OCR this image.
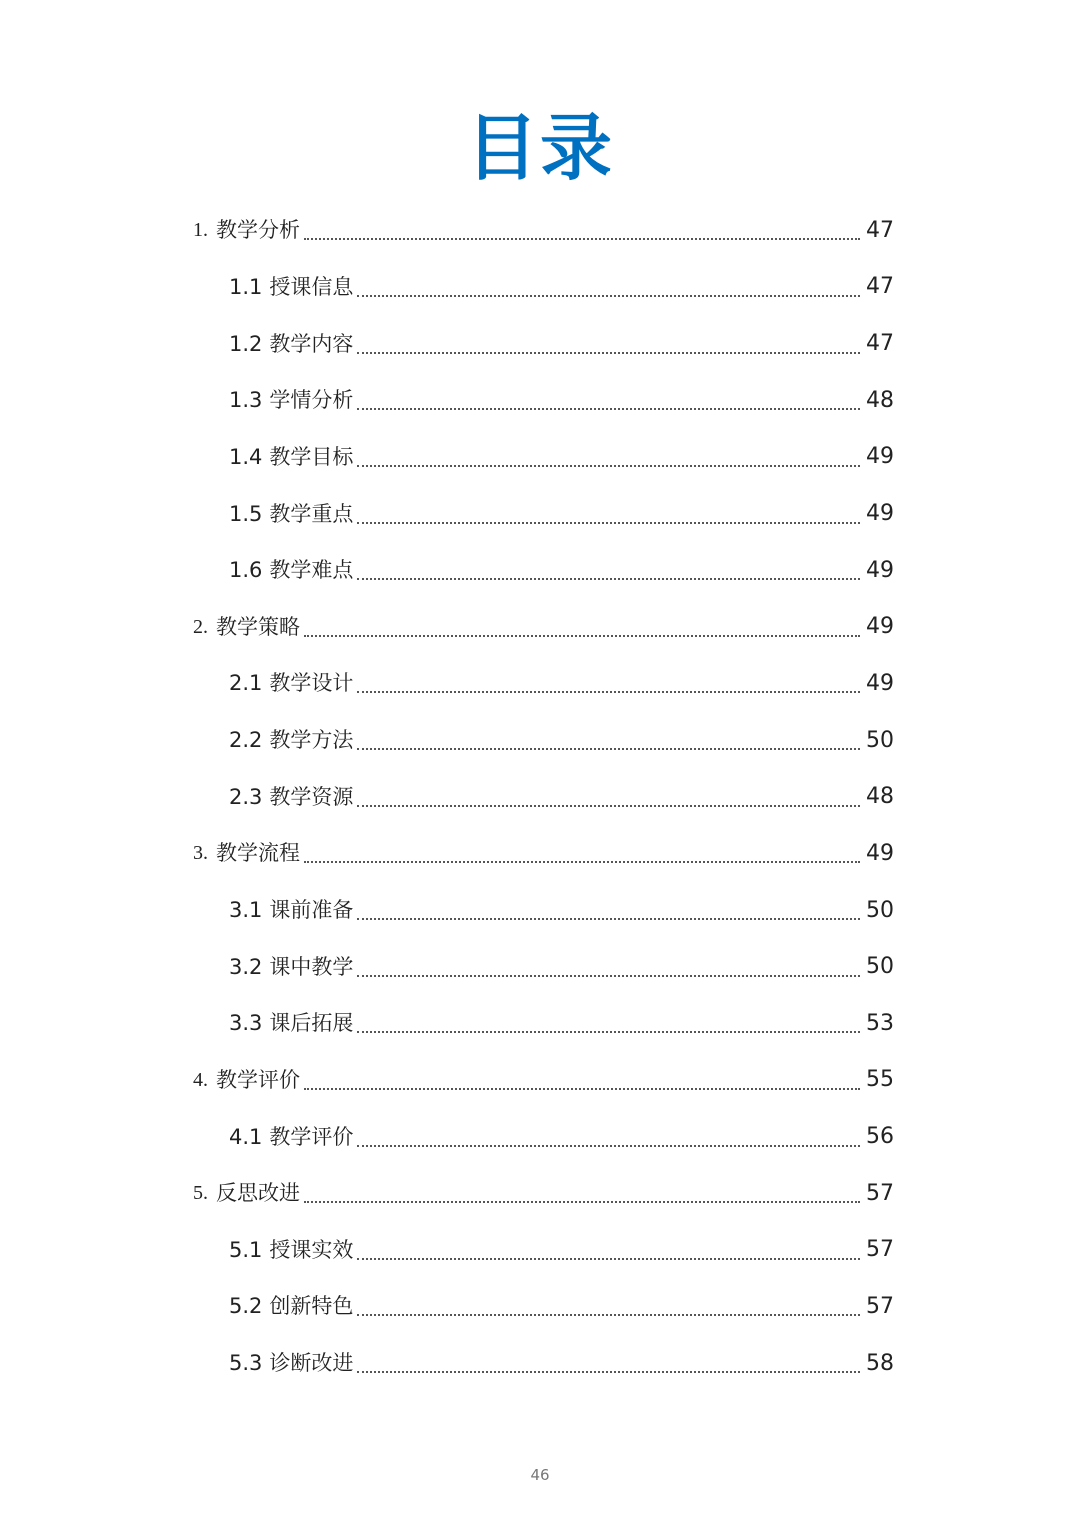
目录
1. 教学分析	47
1.1 授课信息	47
1.2 教学内容	47
1.3 学情分析	48
1.4 教学目标	49
1.5 教学重点	49
1.6 教学难点	49
2. 教学策略	49
2.1 教学设计	49
2.2 教学方法	50
2.3 教学资源	48
3. 教学流程	49
3.1 课前准备	50
3.2 课中教学	50
3.3 课后拓展	53
4. 教学评价	55
4.1 教学评价	56
5. 反思改进	57
5.1 授课实效	57
5.2 创新特色	57
5.3 诊断改进	58
46
